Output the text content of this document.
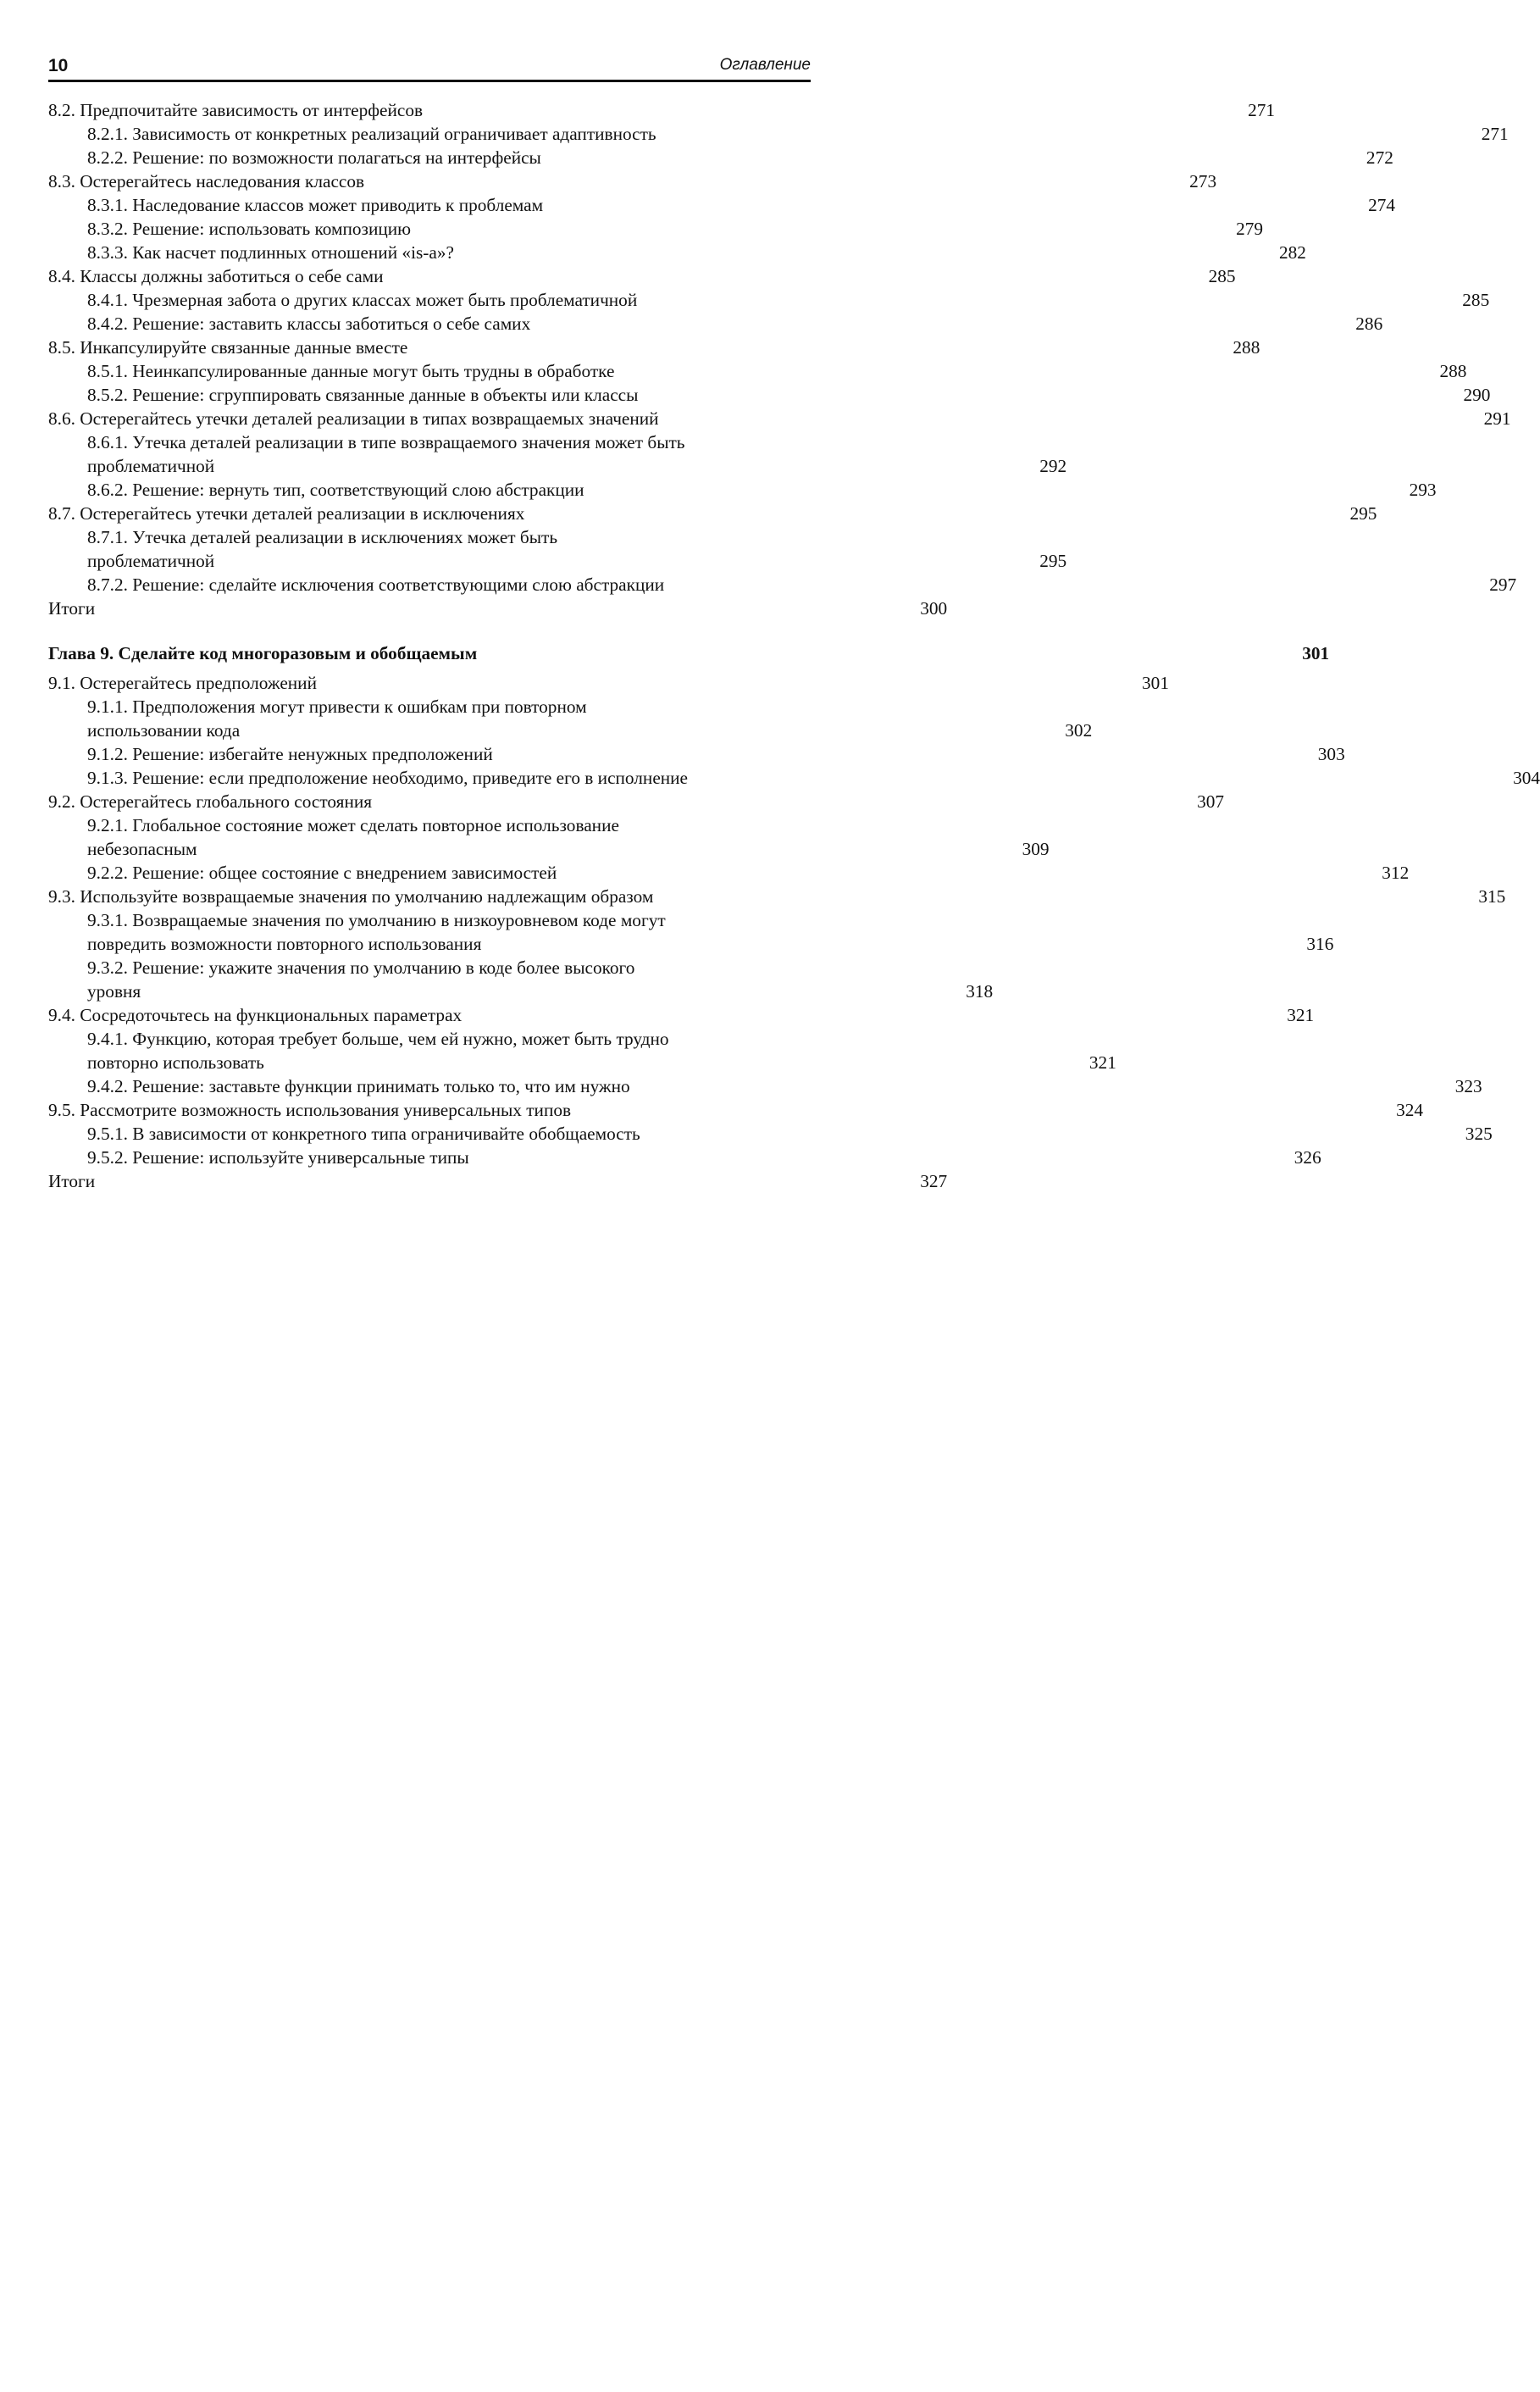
10	Оглавление
8.2. Предпочитайте зависимость от интерфейсов	271
8.2.1. Зависимость от конкретных реализаций ограничивает адаптивность	271
8.2.2. Решение: по возможности полагаться на интерфейсы	272
8.3. Остерегайтесь наследования классов	273
8.3.1. Наследование классов может приводить к проблемам	274
8.3.2. Решение: использовать композицию	279
8.3.3. Как насчет подлинных отношений «is-a»?	282
8.4. Классы должны заботиться о себе сами	285
8.4.1. Чрезмерная забота о других классах может быть проблематичной	285
8.4.2. Решение: заставить классы заботиться о себе самих	286
8.5. Инкапсулируйте связанные данные вместе	288
8.5.1. Неинкапсулированные данные могут быть трудны в обработке	288
8.5.2. Решение: сгруппировать связанные данные в объекты или классы	290
8.6. Остерегайтесь утечки деталей реализации в типах возвращаемых значений	291
8.6.1. Утечка деталей реализации в типе возвращаемого значения может быть
проблематичной	292
8.6.2. Решение: вернуть тип, соответствующий слою абстракции	293
8.7. Остерегайтесь утечки деталей реализации в исключениях	295
8.7.1. Утечка деталей реализации в исключениях может быть
проблематичной	295
8.7.2. Решение: сделайте исключения соответствующими слою абстракции	297
Итоги	300
Глава 9. Сделайте код многоразовым и обобщаемым	301
9.1. Остерегайтесь предположений	301
9.1.1. Предположения могут привести к ошибкам при повторном
использовании кода	302
9.1.2. Решение: избегайте ненужных предположений	303
9.1.3. Решение: если предположение необходимо, приведите его в исполнение	304
9.2. Остерегайтесь глобального состояния	307
9.2.1. Глобальное состояние может сделать повторное использование
небезопасным	309
9.2.2. Решение: общее состояние с внедрением зависимостей	312
9.3. Используйте возвращаемые значения по умолчанию надлежащим образом	315
9.3.1. Возвращаемые значения по умолчанию в низкоуровневом коде могут
повредить возможности повторного использования	316
9.3.2. Решение: укажите значения по умолчанию в коде более высокого
уровня	318
9.4. Сосредоточьтесь на функциональных параметрах	321
9.4.1. Функцию, которая требует больше, чем ей нужно, может быть трудно
повторно использовать	321
9.4.2. Решение: заставьте функции принимать только то, что им нужно	323
9.5. Рассмотрите возможность использования универсальных типов	324
9.5.1. В зависимости от конкретного типа ограничивайте обобщаемость	325
9.5.2. Решение: используйте универсальные типы	326
Итоги	327
